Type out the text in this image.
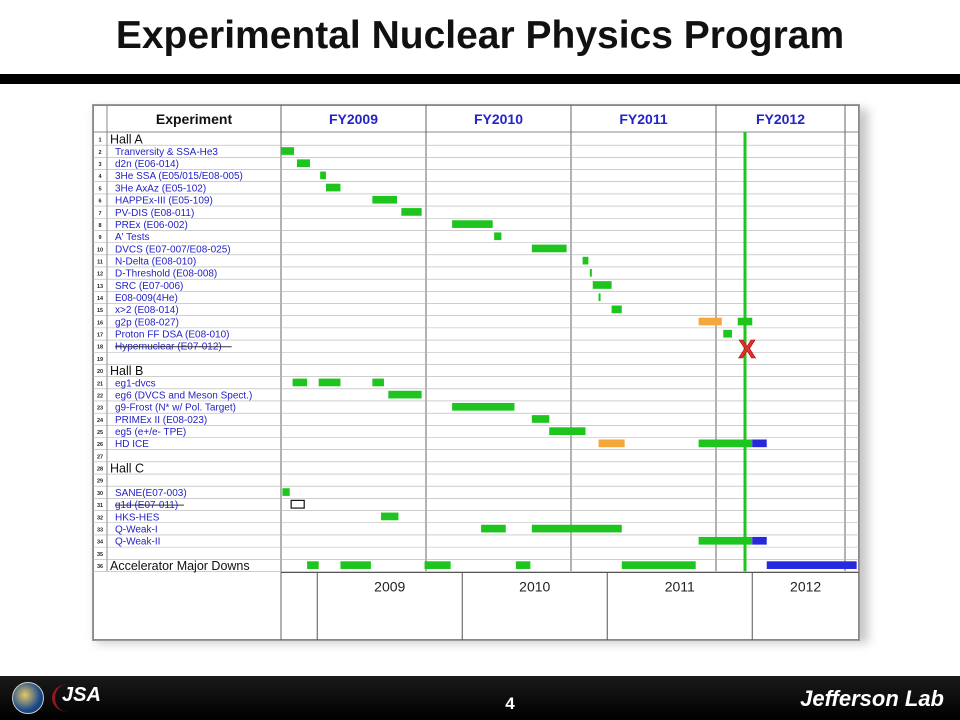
Experimental Nuclear Physics Program
Experiment	FY2009	FY2010	FY2011	FY2012
1 Hall A
2 Tranversity & SSA-He3
3 d2n (E06-014)
4 3He SSA (E05/015/E08-005)
5 3He AxAz (E05-102)
6 HAPPEx-III (E05-109)
7 PV-DIS (E08-011)
8 PREx (E06-002)
9 A' Tests
10 DVCS (E07-007/E08-025)
11 N-Delta (E08-010)
12 D-Threshold (E08-008)
13 SRC (E07-006)
14 E08-009(4He)
15 x>2 (E08-014)
16 g2p (E08-027)
17 Proton FF DSA (E08-010)
18 Hypernuclear (E07-012)
19
20 Hall B
21 eg1-dvcs
22 eg6 (DVCS and Meson Spect.)
23 g9-Frost (N* w/ Pol. Target)
24 PRIMEx II (E08-023)
25 eg5 (e+/e- TPE)
26 HD ICE
27
28 Hall C
29
30 SANE(E07-003)
31 g1d (E07-011)
32 HKS-HES
33 Q-Weak-I
34 Q-Weak-II
35
36 Accelerator Major Downs
2009	2010	2011	2012
X
JSA	4	Jefferson Lab
